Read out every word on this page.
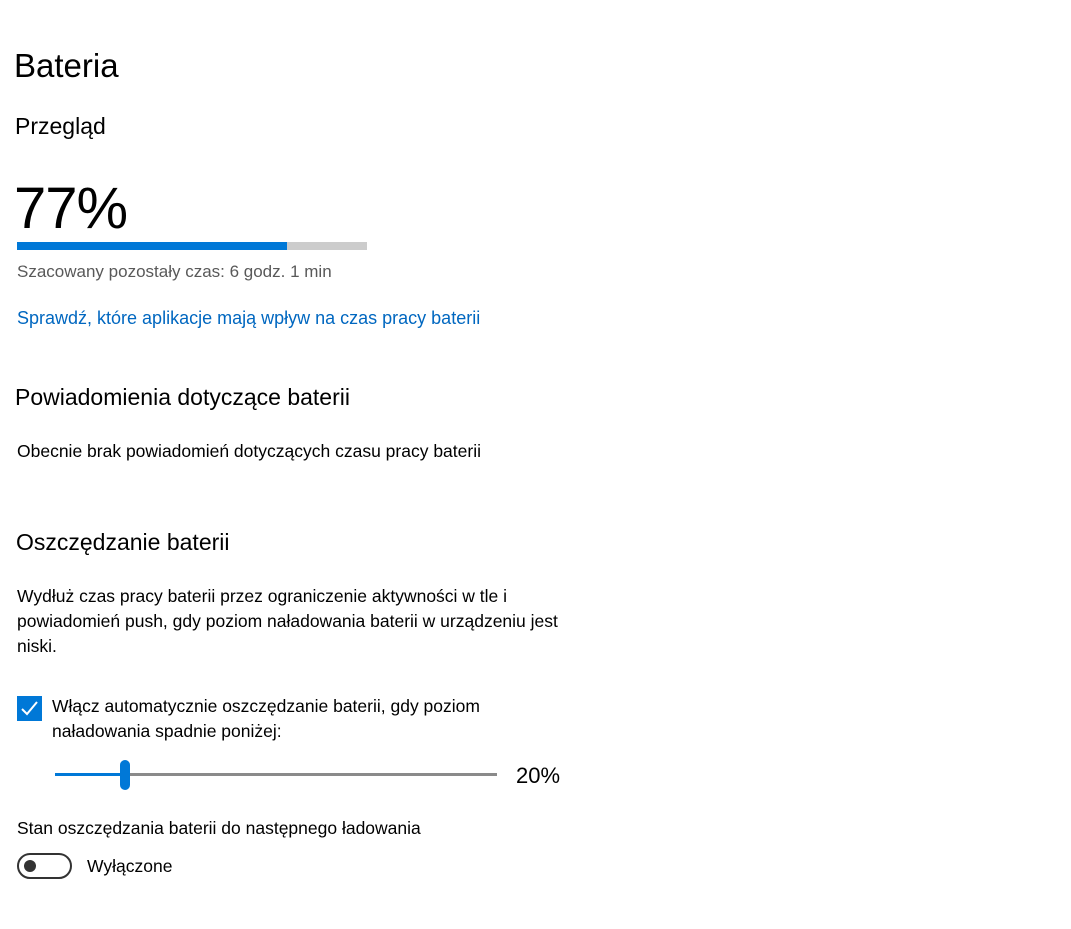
Bateria
Przegląd
77%
Szacowany pozostały czas: 6 godz. 1 min
Sprawdź, które aplikacje mają wpływ na czas pracy baterii
Powiadomienia dotyczące baterii
Obecnie brak powiadomień dotyczących czasu pracy baterii
Oszczędzanie baterii
Wydłuż czas pracy baterii przez ograniczenie aktywności w tle i powiadomień push, gdy poziom naładowania baterii w urządzeniu jest niski.
Włącz automatycznie oszczędzanie baterii, gdy poziom naładowania spadnie poniżej:
20%
Stan oszczędzania baterii do następnego ładowania
Wyłączone
